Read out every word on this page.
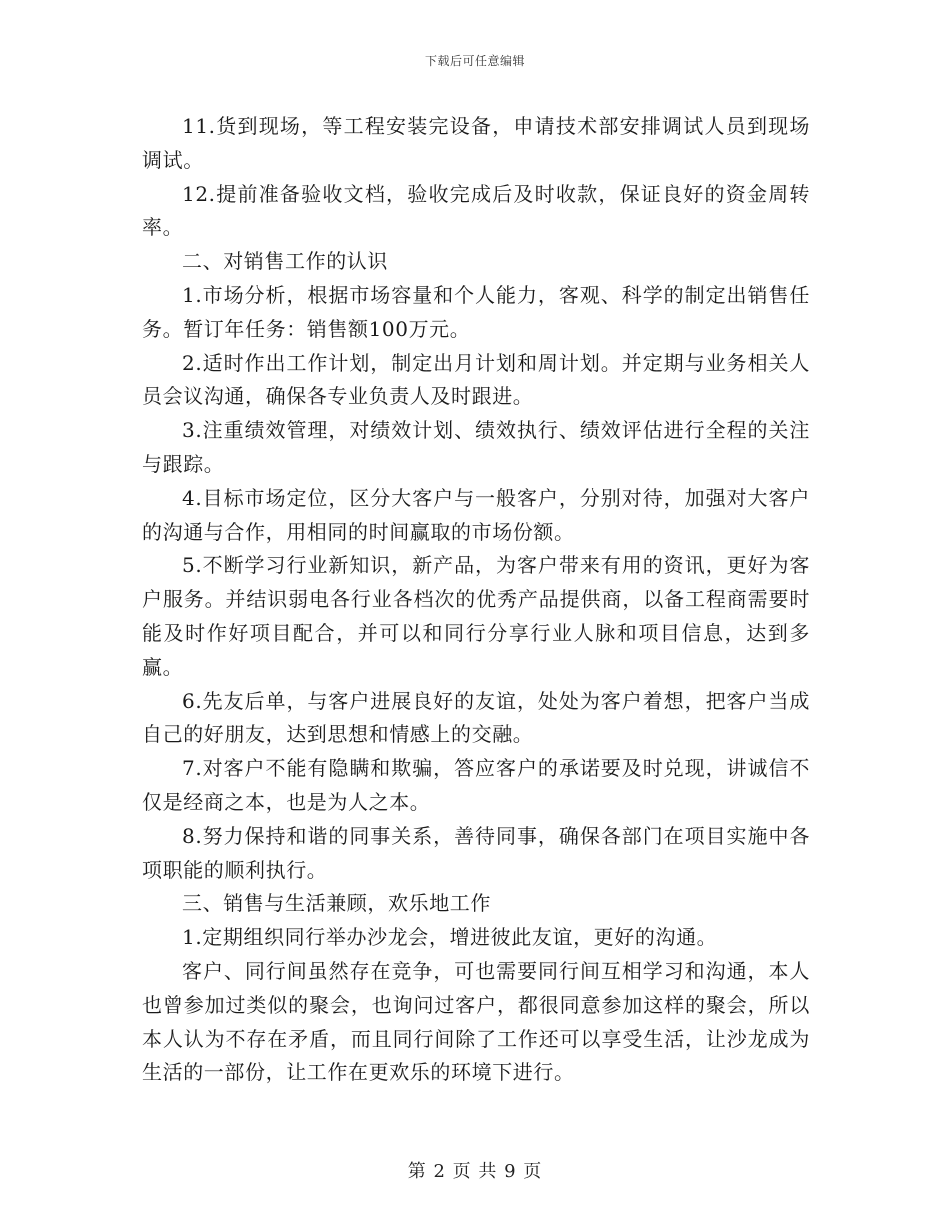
下载后可任意编辑

11.货到现场，等工程安装完设备，申请技术部安排调试人员到现场调试。

12.提前准备验收文档，验收完成后及时收款，保证良好的资金周转率。

二、对销售工作的认识

1.市场分析，根据市场容量和个人能力，客观、科学的制定出销售任务。暂订年任务：销售额100万元。

2.适时作出工作计划，制定出月计划和周计划。并定期与业务相关人员会议沟通，确保各专业负责人及时跟进。

3.注重绩效管理，对绩效计划、绩效执行、绩效评估进行全程的关注与跟踪。

4.目标市场定位，区分大客户与一般客户，分别对待，加强对大客户的沟通与合作，用相同的时间赢取的市场份额。

5.不断学习行业新知识，新产品，为客户带来有用的资讯，更好为客户服务。并结识弱电各行业各档次的优秀产品提供商，以备工程商需要时能及时作好项目配合，并可以和同行分享行业人脉和项目信息，达到多赢。

6.先友后单，与客户进展良好的友谊，处处为客户着想，把客户当成自己的好朋友，达到思想和情感上的交融。

7.对客户不能有隐瞒和欺骗，答应客户的承诺要及时兑现，讲诚信不仅是经商之本，也是为人之本。

8.努力保持和谐的同事关系，善待同事，确保各部门在项目实施中各项职能的顺利执行。

三、销售与生活兼顾，欢乐地工作

1.定期组织同行举办沙龙会，增进彼此友谊，更好的沟通。

客户、同行间虽然存在竞争，可也需要同行间互相学习和沟通，本人也曾参加过类似的聚会，也询问过客户，都很同意参加这样的聚会，所以本人认为不存在矛盾，而且同行间除了工作还可以享受生活，让沙龙成为生活的一部份，让工作在更欢乐的环境下进行。

第 2 页 共 9 页
